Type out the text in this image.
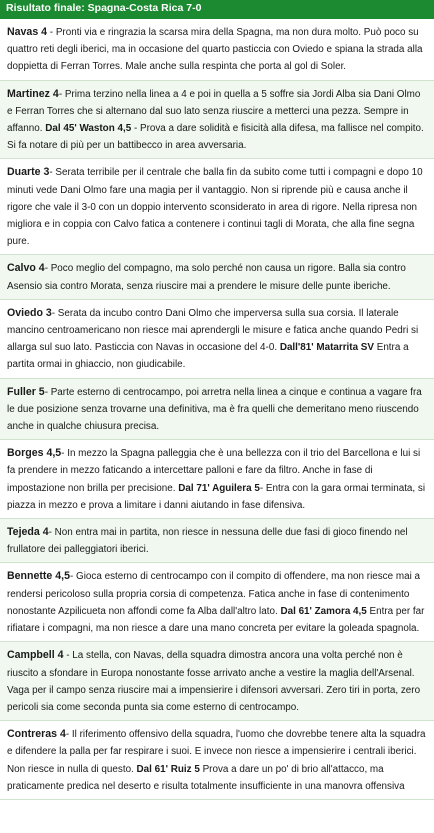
Risultato finale: Spagna-Costa Rica 7-0
Navas 4 - Pronti via e ringrazia la scarsa mira della Spagna, ma non dura molto. Può poco su quattro reti degli iberici, ma in occasione del quarto pasticcia con Oviedo e spiana la strada alla doppietta di Ferran Torres. Male anche sulla respinta che porta al gol di Soler.
Martinez 4- Prima terzino nella linea a 4 e poi in quella a 5 soffre sia Jordi Alba sia Dani Olmo e Ferran Torres che si alternano dal suo lato senza riuscire a metterci una pezza. Sempre in affanno. Dal 45' Waston 4,5 - Prova a dare solidità e fisicità alla difesa, ma fallisce nel compito. Si fa notare di più per un battibecco in area avversaria.
Duarte 3- Serata terribile per il centrale che balla fin da subito come tutti i compagni e dopo 10 minuti vede Dani Olmo fare una magia per il vantaggio. Non si riprende più e causa anche il rigore che vale il 3-0 con un doppio intervento sconsiderato in area di rigore. Nella ripresa non migliora e in coppia con Calvo fatica a contenere i continui tagli di Morata, che alla fine segna pure.
Calvo 4- Poco meglio del compagno, ma solo perché non causa un rigore. Balla sia contro Asensio sia contro Morata, senza riuscire mai a prendere le misure delle punte iberiche.
Oviedo 3- Serata da incubo contro Dani Olmo che imperversa sulla sua corsia. Il laterale mancino centroamericano non riesce mai aprendergli le misure e fatica anche quando Pedri si allarga sul suo lato. Pasticcia con Navas in occasione del 4-0. Dall'81' Matarrita SV Entra a partita ormai in ghiaccio, non giudicabile.
Fuller 5- Parte esterno di centrocampo, poi arretra nella linea a cinque e continua a vagare fra le due posizione senza trovarne una definitiva, ma è fra quelli che demeritano meno riuscendo anche in qualche chiusura precisa.
Borges 4,5- In mezzo la Spagna palleggia che è una bellezza con il trio del Barcellona e lui si fa prendere in mezzo faticando a intercettare palloni e fare da filtro. Anche in fase di impostazione non brilla per precisione. Dal 71' Aguilera 5- Entra con la gara ormai terminata, si piazza in mezzo e prova a limitare i danni aiutando in fase difensiva.
Tejeda 4- Non entra mai in partita, non riesce in nessuna delle due fasi di gioco finendo nel frullatore dei palleggiatori iberici.
Bennette 4,5- Gioca esterno di centrocampo con il compito di offendere, ma non riesce mai a rendersi pericoloso sulla propria corsia di competenza. Fatica anche in fase di contenimento nonostante Azpilicueta non affondi come fa Alba dall'altro lato. Dal 61' Zamora 4,5 Entra per far rifiatare i compagni, ma non riesce a dare una mano concreta per evitare la goleada spagnola.
Campbell 4 - La stella, con Navas, della squadra dimostra ancora una volta perché non è riuscito a sfondare in Europa nonostante fosse arrivato anche a vestire la maglia dell'Arsenal. Vaga per il campo senza riuscire mai a impensierire i difensori avversari. Zero tiri in porta, zero pericoli sia come seconda punta sia come esterno di centrocampo.
Contreras 4- Il riferimento offensivo della squadra, l'uomo che dovrebbe tenere alta la squadra e difendere la palla per far respirare i suoi. E invece non riesce a impensierire i centrali iberici. Non riesce in nulla di questo. Dal 61' Ruiz 5 Prova a dare un po' di brio all'attacco, ma praticamente predica nel deserto e risulta totalmente insufficiente in una manovra offensiva
